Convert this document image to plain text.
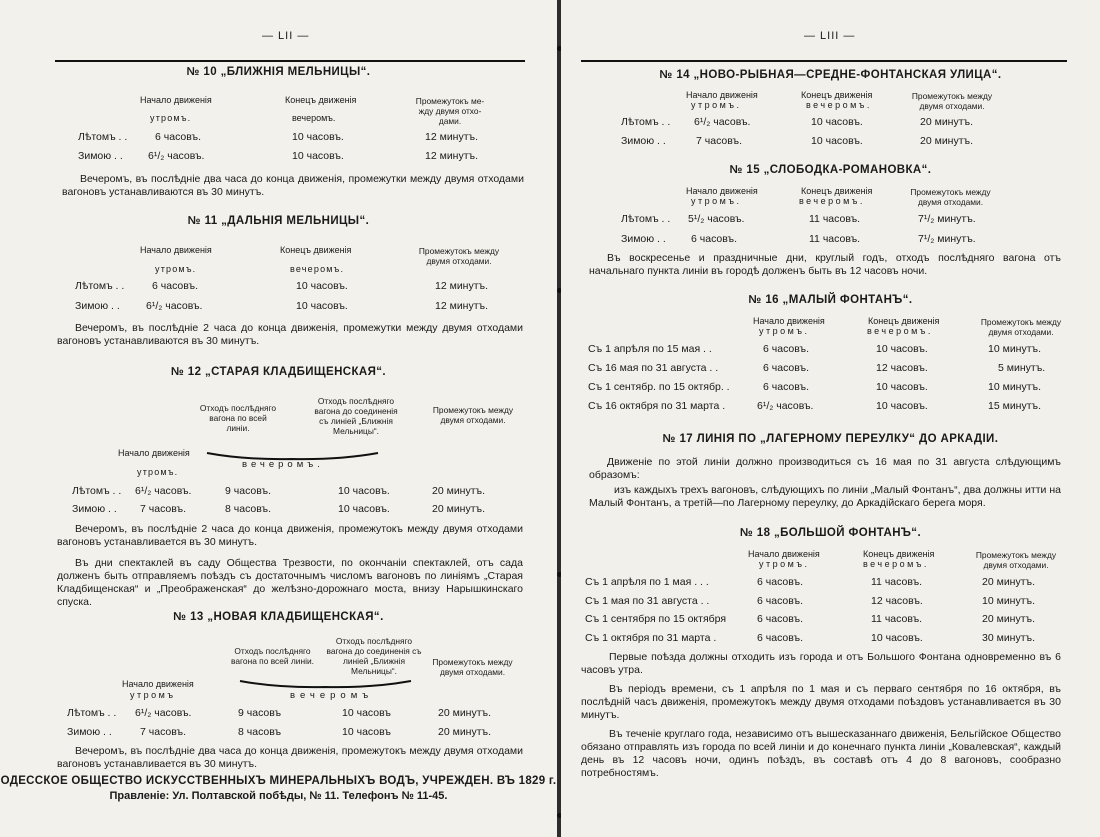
— LII —
№ 10 „БЛИЖНІЯ МЕЛЬНИЦЫ“.
Начало движенія
утромъ.
Конецъ движенія
вечеромъ.
Промежутокъ между двумя отходами.
Лѣтомъ . .	6 часовъ.	10 часовъ.	12 минутъ.
Зимою . . 6¹/₂ часовъ.	10 часовъ.	12 минутъ.
Вечеромъ, въ послѣдніе два часа до конца движенія, промежутки между двумя отходами вагоновъ устанавливаются въ 30 минутъ.
№ 11 „ДАЛЬНІЯ МЕЛЬНИЦЫ“.
Начало движенія
утромъ.
Конецъ движенія
вечеромъ.
Промежутокъ между двумя отходами.
Лѣтомъ . .	6 часовъ.	10 часовъ.	12 минутъ.
Зимою . . 6¹/₂ часовъ.	10 часовъ.	12 минутъ.
Вечеромъ, въ послѣдніе 2 часа до конца движенія, промежутки между двумя отходами вагоновъ устанавливаются въ 30 минутъ.
№ 12 „СТАРАЯ КЛАДБИЩЕНСКАЯ“.
Отходъ послѣдняго вагона по всей линіи.
Отходъ послѣдняго вагона до соединенія съ линіей „Ближнія Мельницы“.
Промежутокъ между двумя отходами.
Начало движенія
утромъ.
вечеромъ.
Лѣтомъ . . 6¹/₂ часовъ.	9 часовъ.	10 часовъ.	20 минутъ.
Зимою . . 7 часовъ.	8 часовъ.	10 часовъ.	20 минутъ.
Вечеромъ, въ послѣдніе 2 часа до конца движенія, промежутокъ между двумя отходами вагоновъ устанавливается въ 30 минутъ.
Въ дни спектаклей въ саду Общества Трезвости, по окончаніи спектаклей, отъ сада долженъ быть отправляемъ поѣздъ съ достаточнымъ числомъ вагоновъ по линіямъ „Старая Кладбищенская“ и „Преображенская“ до желѣзно-дорожнаго моста, внизу Нарышкинскаго спуска.
№ 13 „НОВАЯ КЛАДБИЩЕНСКАЯ“.
Отходъ послѣдняго вагона по всей линіи.
Отходъ послѣдняго вагона до соединенія съ линіей „Ближнія Мельницы“.
Промежутокъ между двумя отходами.
Начало движенія
утромъ	вечеромъ
Лѣтомъ . . 6¹/₂ часовъ.	9 часовъ	10 часовъ	20 минутъ.
Зимою . .	7 часовъ.	8 часовъ	10 часовъ	20 минутъ.
Вечеромъ, въ послѣдніе два часа до конца движенія, промежутокъ между двумя отходами вагоновъ устанавливается въ 30 минутъ.
ОДЕССКОЕ ОБЩЕСТВО ИСКУССТВЕННЫХЪ МИНЕРАЛЬНЫХЪ ВОДЪ, УЧРЕЖДЕН. ВЪ 1829 г.
Правленіе: Ул. Полтавской побѣды, № 11. Телефонъ № 11-45.
— LIII —
№ 14 „НОВО-РЫБНАЯ—СРЕДНЕ-ФОНТАНСКАЯ УЛИЦА“.
Начало движенія
утромъ.
Конецъ движенія
вечеромъ.
Промежутокъ между двумя отходами.
Лѣтомъ . . 6¹/₂ часовъ.	10 часовъ.	20 минутъ.
Зимою . .	7 часовъ.	10 часовъ.	20 минутъ.
№ 15 „СЛОБОДКА-РОМАНОВКА“.
Начало движенія
утромъ.
Конецъ движенія
вечеромъ.
Промежутокъ между двумя отходами.
Лѣтомъ . . 5¹/₂ часовъ.	11 часовъ.	7¹/₂ минутъ.
Зимою . . 6 часовъ.	11 часовъ.	7¹/₂ минутъ.
Въ воскресенье и праздничные дни, круглый годъ, отходъ послѣдняго вагона отъ начальнаго пункта линіи въ городѣ долженъ быть въ 12 часовъ ночи.
№ 16 „МАЛЫЙ ФОНТАНЪ“.
Начало движенія
утромъ.
Конецъ движенія
вечеромъ.
Промежутокъ между двумя отходами.
Съ 1 апрѣля по 15 мая . .	6 часовъ.	10 часовъ.	10 минутъ.
Съ 16 мая по 31 августа . .	6 часовъ.	12 часовъ.	5 минутъ.
Съ 1 сентябр. по 15 октябр. .	6 часовъ.	10 часовъ.	10 минутъ.
Съ 16 октября по 31 марта .	6¹/₂ часовъ.	10 часовъ.	15 минутъ.
№ 17 ЛИНІЯ ПО „ЛАГЕРНОМУ ПЕРЕУЛКУ“ ДО АРКАДІИ.
Движеніе по этой линіи должно производиться съ 16 мая по 31 августа слѣдующимъ образомъ:
изъ каждыхъ трехъ вагоновъ, слѣдующихъ по линіи „Малый Фонтанъ“, два должны итти на Малый Фонтанъ, а третій—по Лагерному переулку, до Аркадійскаго берега моря.
№ 18 „БОЛЬШОЙ ФОНТАНЪ“.
Начало движенія
утромъ.
Конецъ движенія
вечеромъ.
Промежутокъ между двумя отходами.
Съ 1 апрѣля по 1 мая . . .	6 часовъ.	11 часовъ.	20 минутъ.
Съ 1 мая по 31 августа . .	6 часовъ.	12 часовъ.	10 минутъ.
Съ 1 сентября по 15 октября	6 часовъ.	11 часовъ.	20 минутъ.
Съ 1 октября по 31 марта .	6 часовъ.	10 часовъ.	30 минутъ.
Первые поѣзда должны отходить изъ города и отъ Большого Фонтана одновременно въ 6 часовъ утра.
Въ періодъ времени, съ 1 апрѣля по 1 мая и съ перваго сентября по 16 октября, въ послѣдній часъ движенія, промежутокъ между двумя отходами поѣздовъ устанавливается въ 30 минутъ.
Въ теченіе круглаго года, независимо отъ вышесказаннаго движенія, Бельгійское Общество обязано отправлять изъ города по всей линіи и до конечнаго пункта линіи „Ковалевская“, каждый день въ 12 часовъ ночи, одинъ поѣздъ, въ составѣ отъ 4 до 8 вагоновъ, сообразно потребностямъ.
